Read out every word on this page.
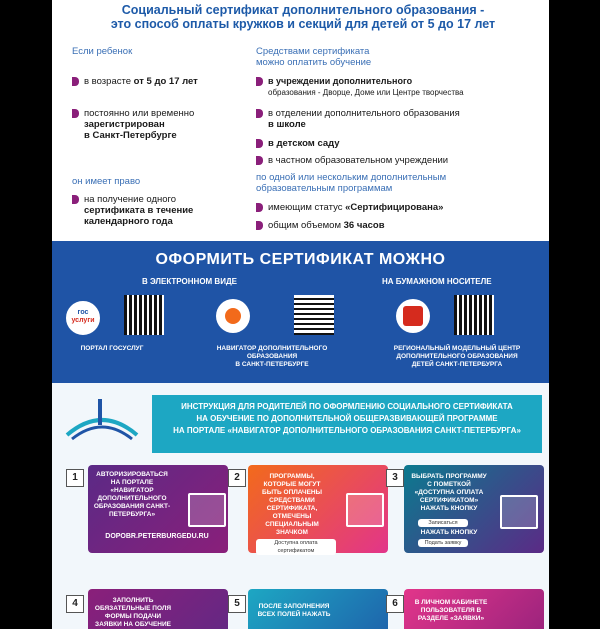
Социальный сертификат дополнительного образования -
это способ оплаты кружков и секций для детей от 5 до 17 лет
Если ребенок
в возрасте от 5 до 17 лет
постоянно или временно
зарегистрирован
в Санкт-Петербурге
он имеет право
на получение одного
сертификата в течение
календарного года
Средствами сертификата
можно оплатить обучение
в учреждении дополнительного
образования - Дворце, Доме или Центре творчества
в отделении дополнительного образования
в школе
в детском саду
в частном образовательном учреждении
по одной или нескольким дополнительным
образовательным программам
имеющим статус «Сертифицирована»
общим объемом 36 часов
ОФОРМИТЬ СЕРТИФИКАТ МОЖНО
В ЭЛЕКТРОННОМ ВИДЕ	НА БУМАЖНОМ НОСИТЕЛЕ
гос
услуги
ПОРТАЛ ГОСУСЛУГ	НАВИГАТОР ДОПОЛНИТЕЛЬНОГО ОБРАЗОВАНИЯ
В САНКТ-ПЕТЕРБУРГЕ
РЕГИОНАЛЬНЫЙ МОДЕЛЬНЫЙ ЦЕНТР
ДОПОЛНИТЕЛЬНОГО ОБРАЗОВАНИЯ
ДЕТЕЙ САНКТ-ПЕТЕРБУРГА
ИНСТРУКЦИЯ ДЛЯ РОДИТЕЛЕЙ ПО ОФОРМЛЕНИЮ СОЦИАЛЬНОГО СЕРТИФИКАТА
НА ОБУЧЕНИЕ ПО ДОПОЛНИТЕЛЬНОЙ ОБЩЕРАЗВИВАЮЩЕЙ ПРОГРАММЕ
НА ПОРТАЛЕ «НАВИГАТОР ДОПОЛНИТЕЛЬНОГО ОБРАЗОВАНИЯ САНКТ-ПЕТЕРБУРГА»
1	АВТОРИЗИРОВАТЬСЯ НА ПОРТАЛЕ «НАВИГАТОР ДОПОЛНИТЕЛЬНОГО ОБРАЗОВАНИЯ САНКТ-ПЕТЕРБУРГА»
DOPOBR.PETERBURGEDU.RU
2	ПРОГРАММЫ, КОТОРЫЕ МОГУТ БЫТЬ ОПЛАЧЕНЫ СРЕДСТВАМИ СЕРТИФИКАТА, ОТМЕЧЕНЫ СПЕЦИАЛЬНЫМ ЗНАЧКОМ
Доступна оплата сертификатом
3	ВЫБРАТЬ ПРОГРАММУ С ПОМЕТКОЙ «ДОСТУПНА ОПЛАТА СЕРТИФИКАТОМ» НАЖАТЬ КНОПКУ
Записаться
НАЖАТЬ КНОПКУ
Подать заявку
4	ЗАПОЛНИТЬ ОБЯЗАТЕЛЬНЫЕ ПОЛЯ ФОРМЫ ПОДАЧИ ЗАЯВКИ НА ОБУЧЕНИЕ
5	ПОСЛЕ ЗАПОЛНЕНИЯ ВСЕХ ПОЛЕЙ НАЖАТЬ
6	В ЛИЧНОМ КАБИНЕТЕ ПОЛЬЗОВАТЕЛЯ В РАЗДЕЛЕ «ЗАЯВКИ»
